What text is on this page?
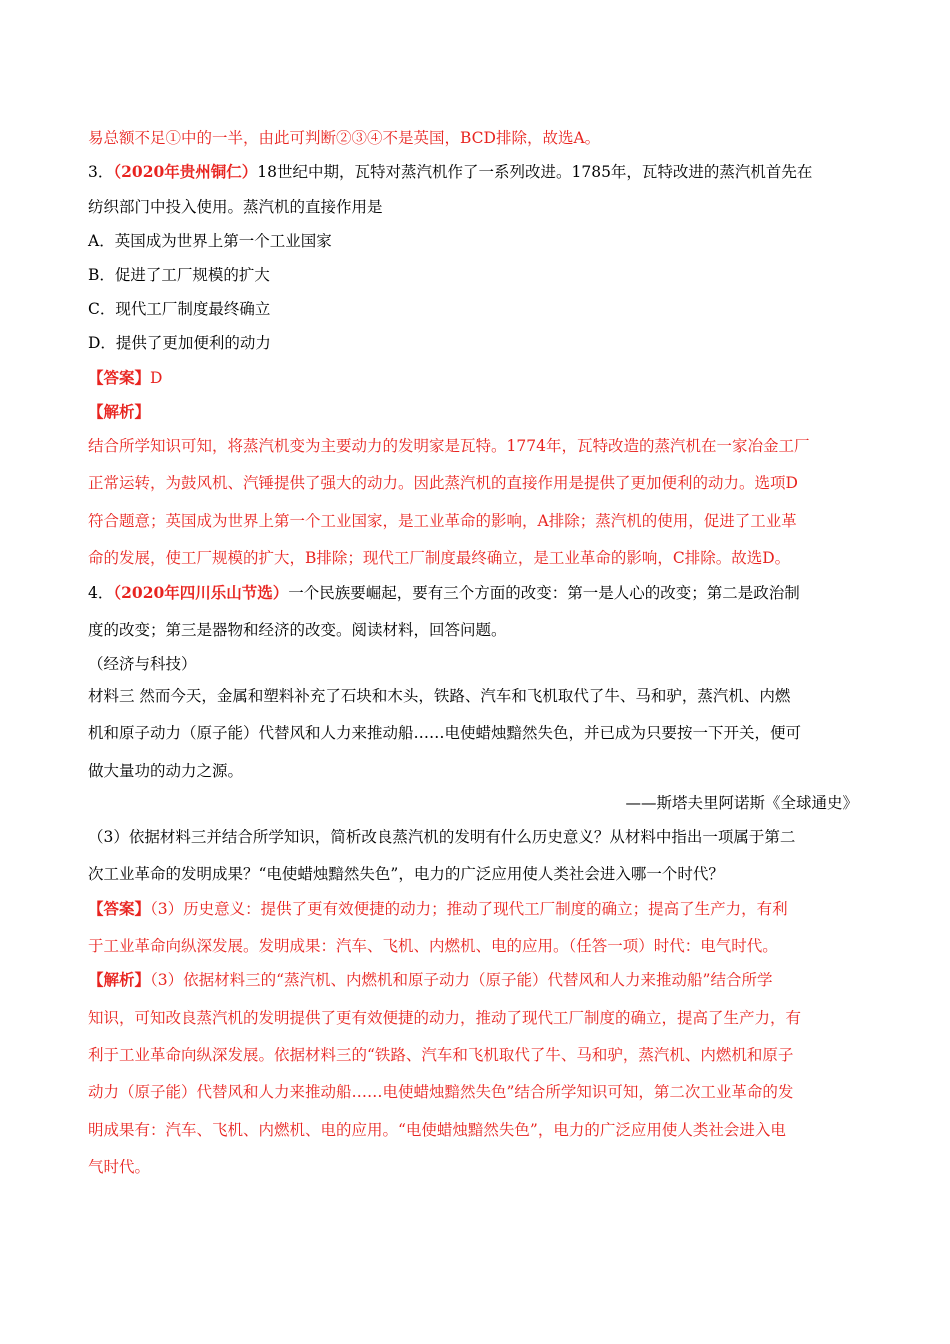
易总额不足①中的一半，由此可判断②③④不是英国，BCD排除，故选A。
3．（2020年贵州铜仁）18世纪中期，瓦特对蒸汽机作了一系列改进。1785年，瓦特改进的蒸汽机首先在
纺织部门中投入使用。蒸汽机的直接作用是
A．英国成为世界上第一个工业国家
B．促进了工厂规模的扩大
C．现代工厂制度最终确立
D．提供了更加便利的动力
【答案】D
【解析】
结合所学知识可知，将蒸汽机变为主要动力的发明家是瓦特。1774年，瓦特改造的蒸汽机在一家冶金工厂
正常运转，为鼓风机、汽锤提供了强大的动力。因此蒸汽机的直接作用是提供了更加便利的动力。选项D
符合题意；英国成为世界上第一个工业国家，是工业革命的影响，A排除；蒸汽机的使用，促进了工业革
命的发展，使工厂规模的扩大，B排除；现代工厂制度最终确立，是工业革命的影响，C排除。故选D。
4．（2020年四川乐山节选）一个民族要崛起，要有三个方面的改变：第一是人心的改变；第二是政治制
度的改变；第三是器物和经济的改变。阅读材料，回答问题。
（经济与科技）
材料三 然而今天，金属和塑料补充了石块和木头，铁路、汽车和飞机取代了牛、马和驴，蒸汽机、内燃
机和原子动力（原子能）代替风和人力来推动船……电使蜡烛黯然失色，并已成为只要按一下开关，便可
做大量功的动力之源。
——斯塔夫里阿诺斯《全球通史》
（3）依据材料三并结合所学知识，简析改良蒸汽机的发明有什么历史意义？从材料中指出一项属于第二
次工业革命的发明成果？“电使蜡烛黯然失色”，电力的广泛应用使人类社会进入哪一个时代？
【答案】（3）历史意义：提供了更有效便捷的动力；推动了现代工厂制度的确立；提高了生产力，有利
于工业革命向纵深发展。发明成果：汽车、飞机、内燃机、电的应用。（任答一项）时代：电气时代。
【解析】（3）依据材料三的“蒸汽机、内燃机和原子动力（原子能）代替风和人力来推动船”结合所学
知识，可知改良蒸汽机的发明提供了更有效便捷的动力，推动了现代工厂制度的确立，提高了生产力，有
利于工业革命向纵深发展。依据材料三的“铁路、汽车和飞机取代了牛、马和驴，蒸汽机、内燃机和原子
动力（原子能）代替风和人力来推动船……电使蜡烛黯然失色”结合所学知识可知，第二次工业革命的发
明成果有：汽车、飞机、内燃机、电的应用。“电使蜡烛黯然失色”，电力的广泛应用使人类社会进入电
气时代。
